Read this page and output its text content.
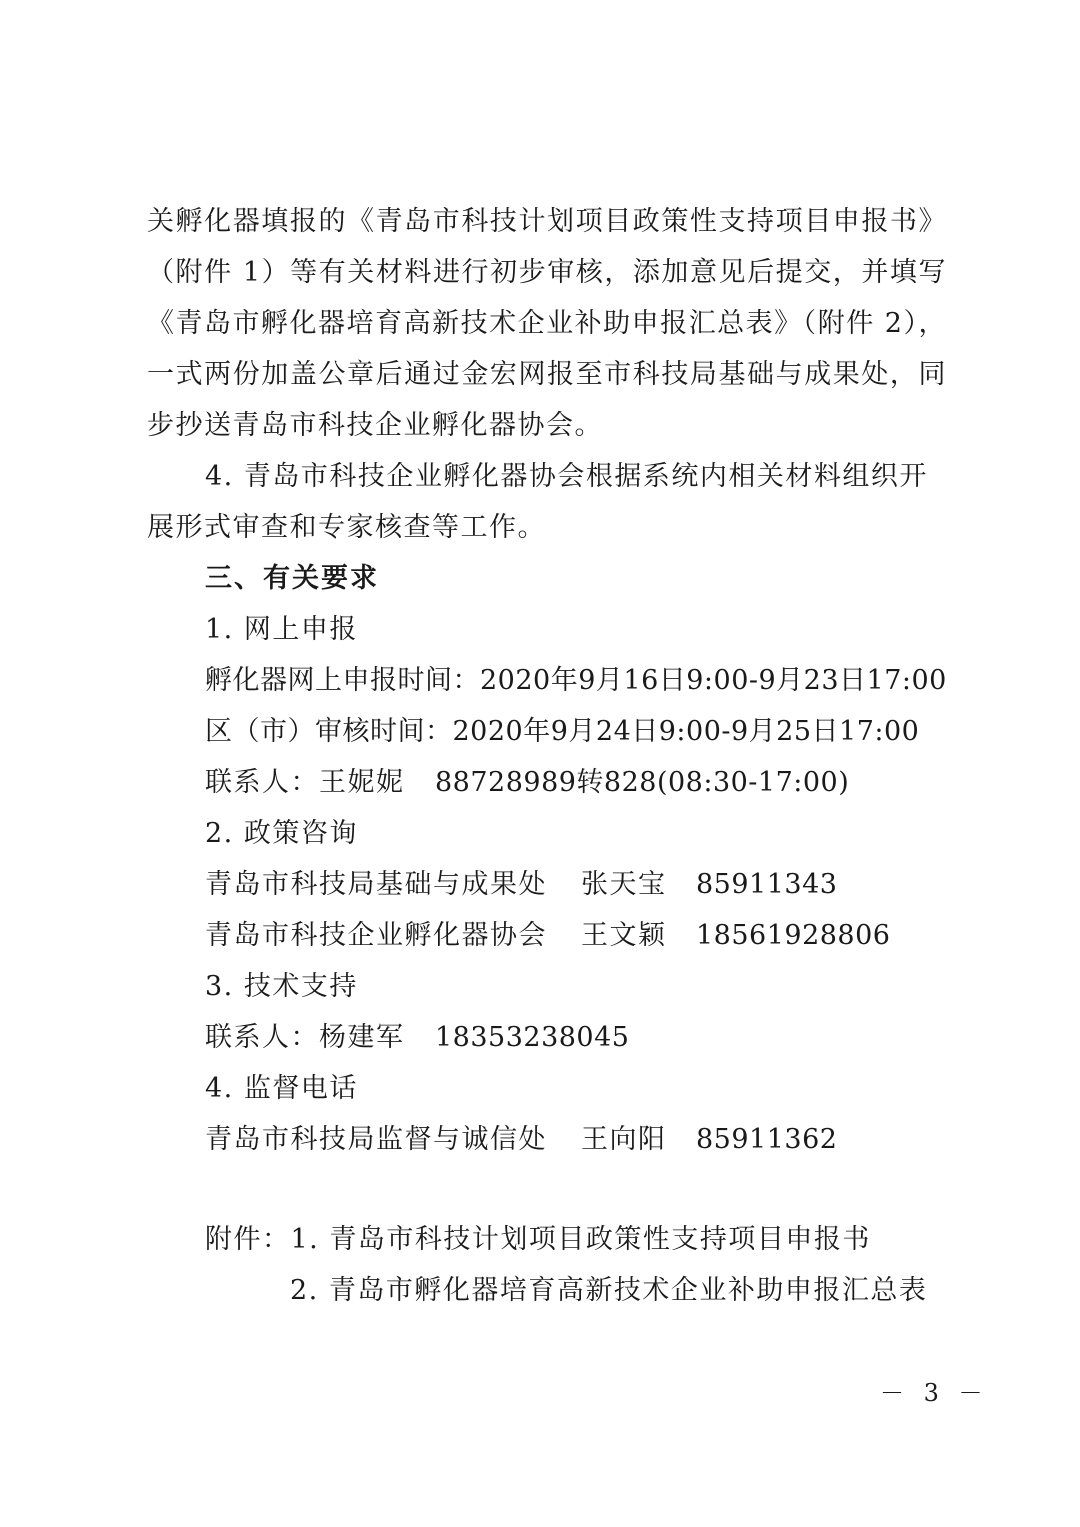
关孵化器填报的《青岛市科技计划项目政策性支持项目申报书》
（附件 1）等有关材料进行初步审核，添加意见后提交，并填写
《青岛市孵化器培育高新技术企业补助申报汇总表》（附件 2），
一式两份加盖公章后通过金宏网报至市科技局基础与成果处，同
步抄送青岛市科技企业孵化器协会。
4. 青岛市科技企业孵化器协会根据系统内相关材料组织开
展形式审查和专家核查等工作。
三、有关要求
1. 网上申报
孵化器网上申报时间：2020年9月16日9:00-9月23日17:00
区（市）审核时间：2020年9月24日9:00-9月25日17:00
联系人：王妮妮 88728989转828(08:30-17:00)
2. 政策咨询
青岛市科技局基础与成果处 张天宝 85911343
青岛市科技企业孵化器协会 王文颖 18561928806
3. 技术支持
联系人：杨建军 18353238045
4. 监督电话
青岛市科技局监督与诚信处 王向阳 85911362
附件：1. 青岛市科技计划项目政策性支持项目申报书
2. 青岛市孵化器培育高新技术企业补助申报汇总表
－ 3 －
